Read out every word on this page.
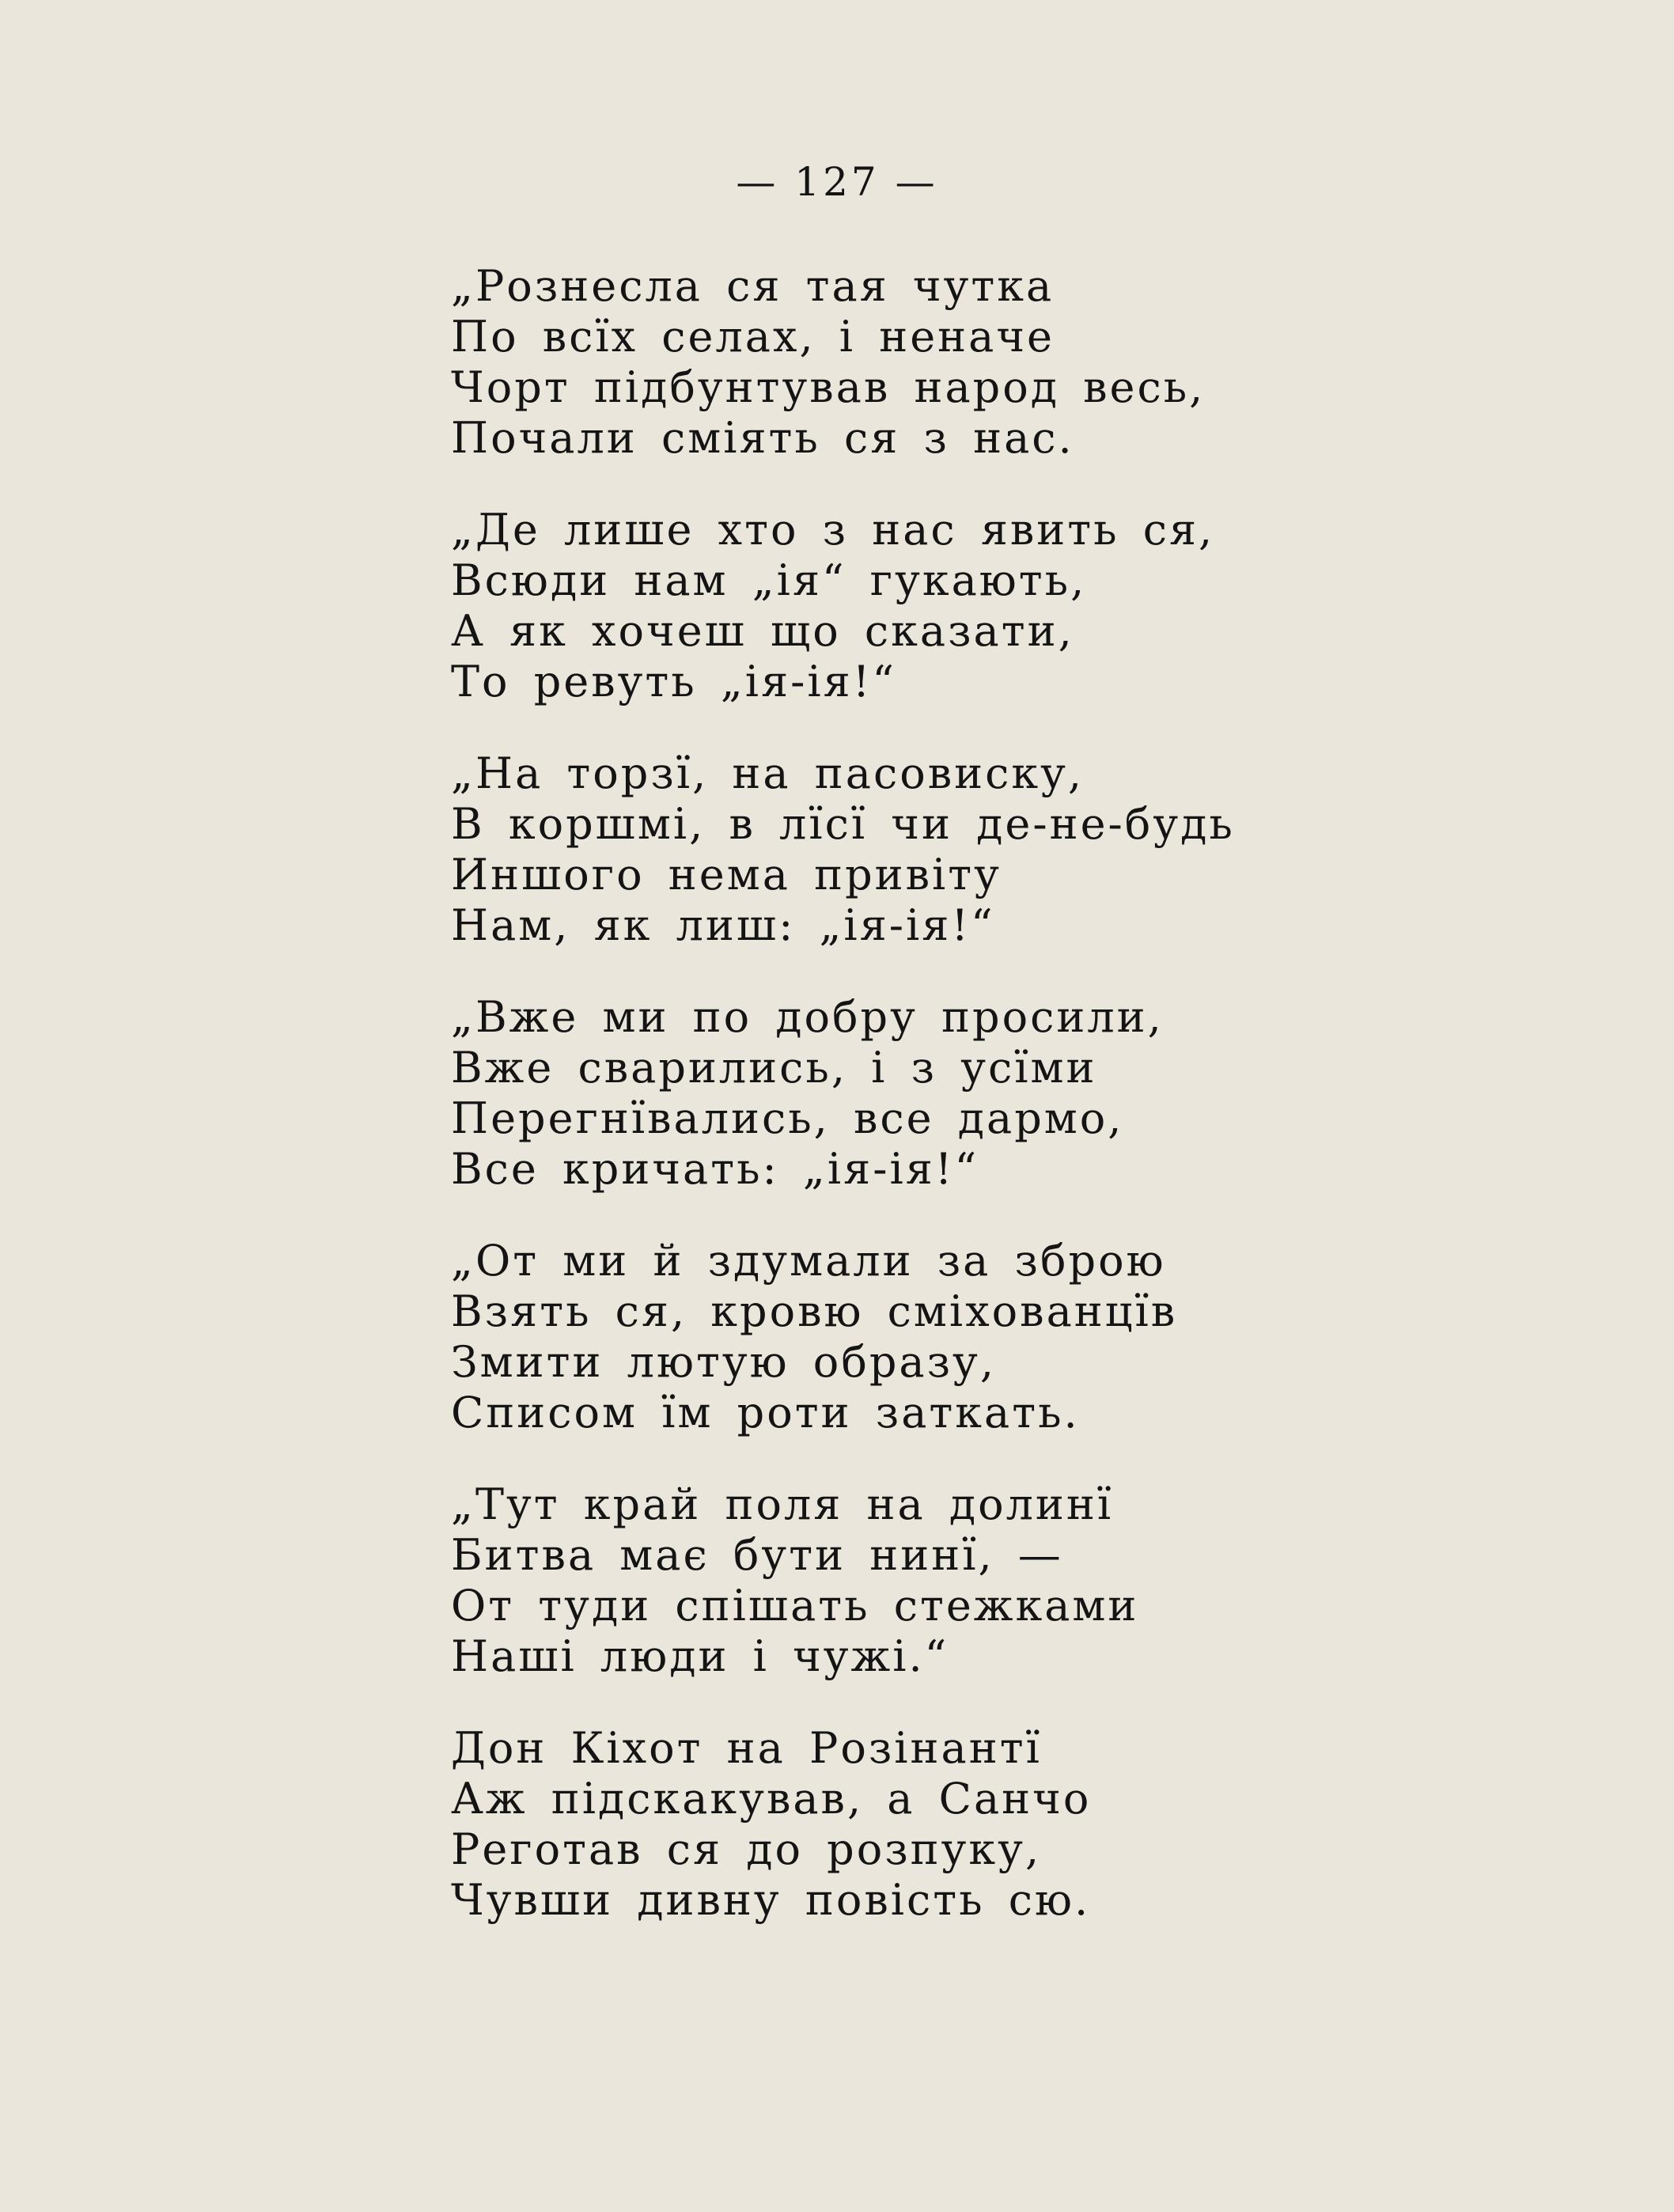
— 127 —
„Рознесла ся тая чутка
По всїх селах, і неначе
Чорт підбунтував народ весь,
Почали сміять ся з нас.
„Де лише хто з нас явить ся,
Всюди нам „ія“ гукають,
А як хочеш що сказати,
То ревуть „ія-ія!“
„На торзї, на пасовиску,
В коршмі, в лїсї чи де-не-будь
Иншого нема привіту
Нам, як лиш: „ія-ія!“
„Вже ми по добру просили,
Вже сварились, і з усїми
Перегнївались, все дармо,
Все кричать: „ія-ія!“
„От ми й здумали за зброю
Взять ся, кровю сміхованцїв
Змити лютую образу,
Списом їм роти заткать.
„Тут край поля на долинї
Битва має бути нинї, —
От туди спішать стежками
Наші люди і чужі.“
Дон Кіхот на Розінантї
Аж підскакував, а Санчо
Реготав ся до розпуку,
Чувши дивну повість сю.
